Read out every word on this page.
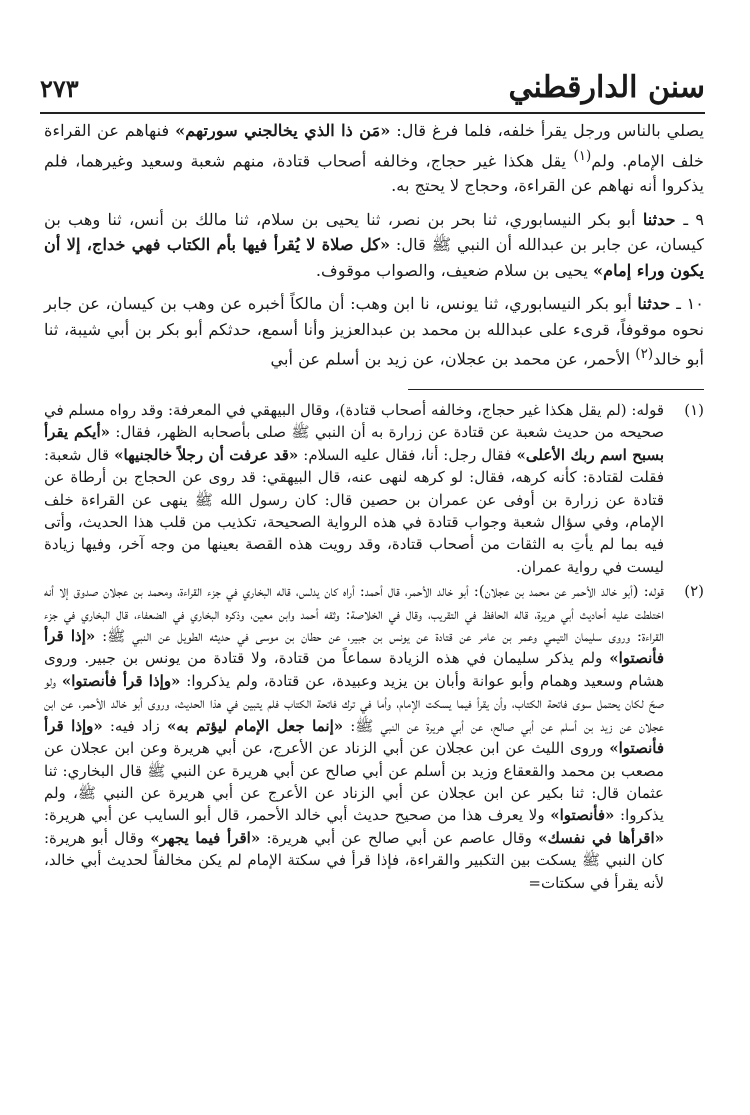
سنن الدارقطني
٢٧٣

يصلي بالناس ورجل يقرأ خلفه، فلما فرغ قال: «مَن ذا الذي يخالجني سورتهم» فنهاهم عن القراءة خلف الإمام. ولم$^{(١)}$ يقل هكذا غير حجاج، وخالفه أصحاب قتادة، منهم شعبة وسعيد وغيرهما، فلم يذكروا أنه نهاهم عن القراءة، وحجاج لا يحتج به.

٩ ـ حدثنا أبو بكر النيسابوري، ثنا بحر بن نصر، ثنا يحيى بن سلام، ثنا مالك بن أنس، ثنا وهب بن كيسان، عن جابر بن عبدالله أن النبي ﷺ قال: «كل صلاة لا يُقرأ فيها بأم الكتاب فهي خداج، إلا أن يكون وراء إمام» يحيى بن سلام ضعيف، والصواب موقوف.

١٠ ـ حدثنا أبو بكر النيسابوري، ثنا يونس، نا ابن وهب: أن مالكاً أخبره عن وهب بن كيسان، عن جابر نحوه موقوفاً، قرىء على عبدالله بن محمد بن عبدالعزيز وأنا أسمع، حدثكم أبو بكر بن أبي شيبة، ثنا أبو خالد$^{(٢)}$ الأحمر، عن محمد بن عجلان، عن زيد بن أسلم عن أبي

(١)
قوله: (لم يقل هكذا غير حجاج، وخالفه أصحاب قتادة)، وقال البيهقي في المعرفة: وقد رواه مسلم في صحيحه من حديث شعبة عن قتادة عن زرارة به أن النبي ﷺ صلى بأصحابه الظهر، فقال: «أيكم يقرأ بسبح اسم ربك الأعلى» فقال رجل: أنا، فقال عليه السلام: «قد عرفت أن رجلاً خالجنيها» قال شعبة: فقلت لقتادة: كأنه كرهه، فقال: لو كرهه لنهى عنه، قال البيهقي: قد روى عن الحجاج بن أرطاة عن قتادة عن زرارة بن أوفى عن عمران بن حصين قال: كان رسول الله ﷺ ينهى عن القراءة خلف الإمام، وفي سؤال شعبة وجواب قتادة في هذه الرواية الصحيحة، تكذيب من قلب هذا الحديث، وأتى فيه بما لم يأتِ به الثقات من أصحاب قتادة، وقد رويت هذه القصة بعينها من وجه آخر، وفيها زيادة ليست في رواية عمران.
(٢)
قوله: (أبو خالد الأحمر عن محمد بن عجلان): أبو خالد الأحمر، قال أحمد: أراه كان يدلس، قاله البخاري في جزء القراءة، ومحمد بن عجلان صدوق إلا أنه اختلطت عليه أحاديث أبي هريرة، قاله الحافظ في التقريب، وقال في الخلاصة: وثقه أحمد وابن معين، وذكره البخاري في الضعفاء، قال البخاري في جزء القراءة: وروى سليمان التيمي وعمر بن عامر عن قتادة عن يونس بن جبير، عن حطان بن موسى في حديثه الطويل عن النبي ﷺ: «إذا قرأ فأنصتوا» ولم يذكر سليمان في هذه الزيادة سماعاً من قتادة، ولا قتادة من يونس بن جبير. وروى هشام وسعيد وهمام وأبو عوانة وأبان بن يزيد وعبيدة، عن قتادة، ولم يذكروا: «وإذا قرأ فأنصتوا» ولو صحّ لكان يحتمل سوى فاتحة الكتاب، وأن يقرأ فيما يسكت الإمام، وأما في ترك فاتحة الكتاب فلم يتبين في هذا الحديث، وروى أبو خالد الأحمر، عن ابن عجلان عن زيد بن أسلم عن أبي صالح، عن أبي هريرة عن النبي ﷺ: «إنما جعل الإمام ليؤتم به» زاد فيه: «وإذا قرأ فأنصتوا» وروى الليث عن ابن عجلان عن أبي الزناد عن الأعرج، عن أبي هريرة وعن ابن عجلان عن مصعب بن محمد والقعقاع وزيد بن أسلم عن أبي صالح عن أبي هريرة عن النبي ﷺ قال البخاري: ثنا عثمان قال: ثنا بكير عن ابن عجلان عن أبي الزناد عن الأعرج عن أبي هريرة عن النبي ﷺ، ولم يذكروا: «فأنصتوا» ولا يعرف هذا من صحيح حديث أبي خالد الأحمر، قال أبو السايب عن أبي هريرة: «اقرأها في نفسك» وقال عاصم عن أبي صالح عن أبي هريرة: «اقرأ فيما يجهر» وقال أبو هريرة: كان النبي ﷺ يسكت بين التكبير والقراءة، فإذا قرأ في سكتة الإمام لم يكن مخالفاً لحديث أبي خالد، لأنه يقرأ في سكتات=
